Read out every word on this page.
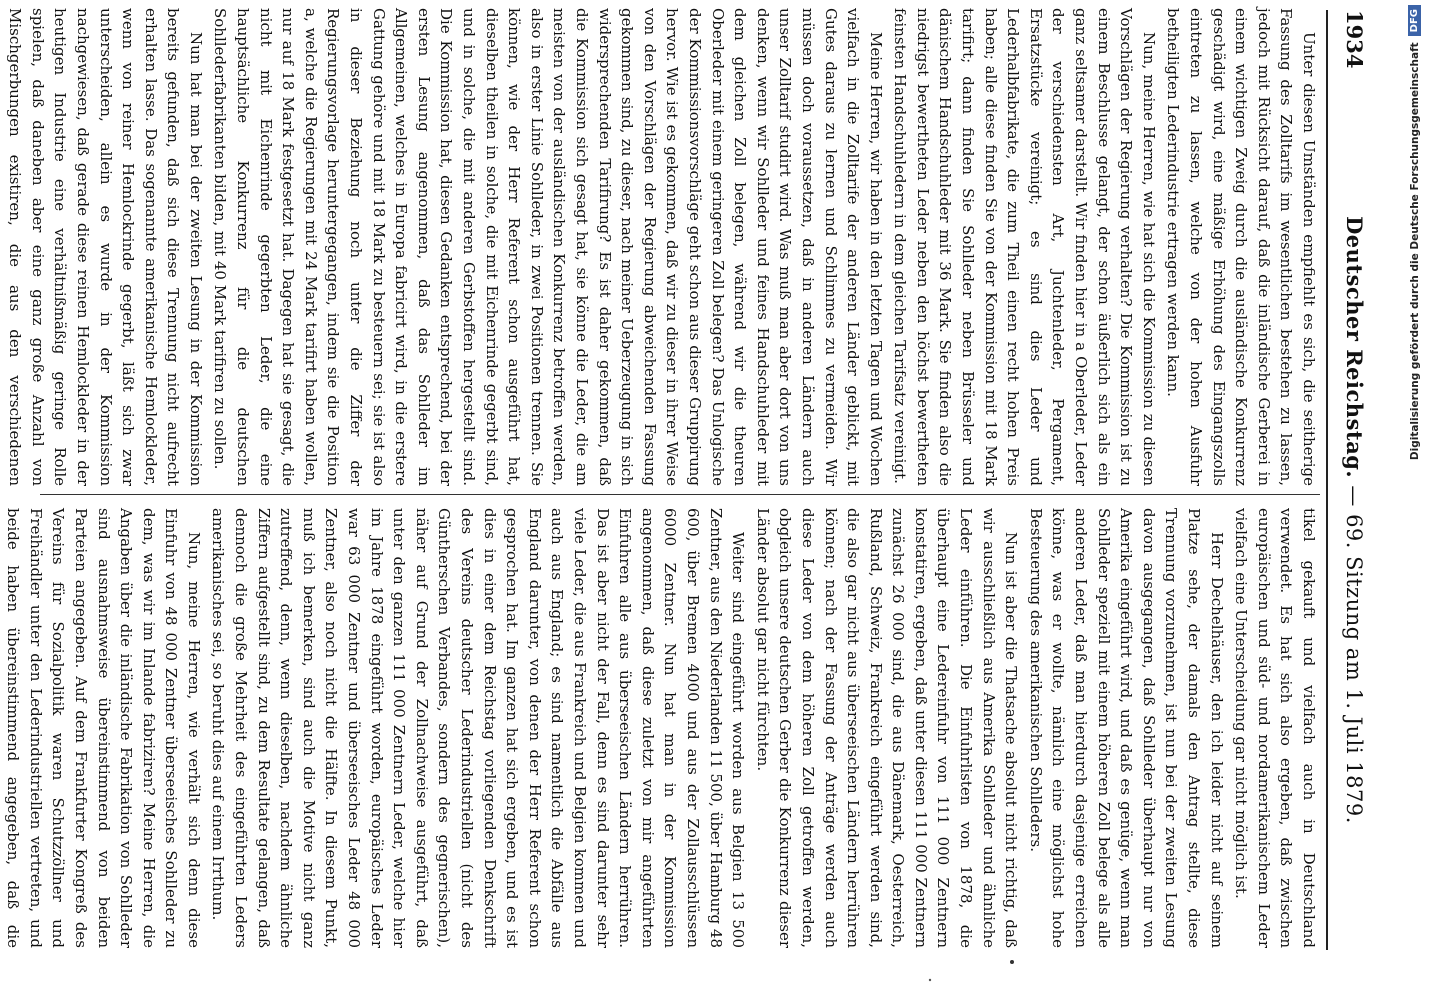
1934
Deutscher Reichstag. — 69. Sitzung am 1. Juli 1879.

Unter diesen Umständen empfiehlt es sich, die seitherige Fassung des Zolltarifs im wesentlichen bestehen zu lassen, jedoch mit Rücksicht darauf, daß die inländische Gerberei in einem wichtigen Zweig durch die ausländische Konkurrenz geschädigt wird, eine mäßige Erhöhung des Eingangszolls eintreten zu lassen, welche von der hohen Ausfuhr betheiligten Lederindustrie ertragen werden kann.

Nun, meine Herren, wie hat sich die Kommission zu diesen Vorschlägen der Regierung verhalten? Die Kommission ist zu einem Beschlusse gelangt, der schon äußerlich sich als ein ganz seltsamer darstellt. Wir finden hier in a Oberleder, Leder der verschiedensten Art, Juchtenleder, Pergament, Ersatzstücke vereinigt; es sind dies Leder und Lederhalbfabrikate, die zum Theil einen recht hohen Preis haben; alle diese finden Sie von der Kommission mit 18 Mark tarifirt; dann finden Sie Sohlleder neben Brüsseler und dänischem Handschuhleder mit 36 Mark. Sie finden also die niedrigst bewertheten Leder neben den höchst bewertheten feinsten Handschuhledern in dem gleichen Tarifsatz vereinigt.

Meine Herren, wir haben in den letzten Tagen und Wochen vielfach in die Zolltarife der anderen Länder geblickt, mit Gutes daraus zu lernen und Schlimmes zu vermeiden. Wir müssen doch voraussetzen, daß in anderen Ländern auch unser Zolltarif studirt wird. Was muß man aber dort von uns denken, wenn wir Sohlleder und feines Handschuhleder mit dem gleichen Zoll belegen, während wir die theuren Oberleder mit einem geringeren Zoll belegen? Das Unlogische der Kommissionsvorschläge geht schon aus dieser Gruppirung hervor. Wie ist es gekommen, daß wir zu dieser in ihrer Weise von den Vorschlägen der Regierung abweichenden Fassung gekommen sind, zu dieser, nach meiner Ueberzeugung in sich widersprechenden Tarifirung? Es ist daher gekommen, daß die Kommission sich gesagt hat, sie könne die Leder, die am meisten von der ausländischen Konkurrenz betroffen werden, also in erster Linie Sohlleder, in zwei Positionen trennen. Sie können, wie der Herr Referent schon ausgeführt hat, dieselben theilen in solche, die mit Eichenrinde gegerbt sind, und in solche, die mit anderen Gerbstoffen hergestellt sind. Die Kommission hat, diesen Gedanken entsprechend, bei der ersten Lesung angenommen, daß das Sohlleder im Allgemeinen, welches in Europa fabricirt wird, in die erstere Gattung gehöre und mit 18 Mark zu besteuern sei; sie ist also in dieser Beziehung noch unter die Ziffer der Regierungsvorlage heruntergegangen, indem sie die Position a, welche die Regierungen mit 24 Mark tarifirt haben wollen, nur auf 18 Mark festgesetzt hat. Dagegen hat sie gesagt, die nicht mit Eichenrinde gegerbten Leder, die eine hauptsächliche Konkurrenz für die deutschen Sohllederfabrikanten bilden, mit 40 Mark tarifiren zu sollen.

Nun hat man bei der zweiten Lesung in der Kommission bereits gefunden, daß sich diese Trennung nicht aufrecht erhalten lasse. Das sogenannte amerikanische Hemlockleder, wenn von reiner Hemlockrinde gegerbt, läßt sich zwar unterscheiden, allein es wurde in der Kommission nachgewiesen, daß gerade diese reinen Hemlockleder in der heutigen Industrie eine verhältnißmäßig geringe Rolle spielen, daß daneben aber eine ganz große Anzahl von Mischgerbungen existiren, die aus den verschiedenen

tikel gekauft und vielfach auch in Deutschland verwendet. Es hat sich also ergeben, daß zwischen europäischen und süd- und nordamerikanischem Leder vielfach eine Unterscheidung gar nicht möglich ist.

Herr Dechelhäuser, den ich leider nicht auf seinem Platze sehe, der damals den Antrag stellte, diese Trennung vorzunehmen, ist nun bei der zweiten Lesung davon ausgegangen, daß Sohlleder überhaupt nur von Amerika eingeführt wird, und daß es genüge, wenn man Sohlleder speziell mit einem höheren Zoll belege als alle anderen Leder, daß man hierdurch dasjenige erreichen könne, was er wollte, nämlich eine möglichst hohe Besteuerung des amerikanischen Sohlleders.

Nun ist aber die Thatsache absolut nicht richtig, daß wir ausschließlich aus Amerika Sohlleder und ähnliche Leder einführen. Die Einfuhrlisten von 1878, die überhaupt eine Ledereinfuhr von 111 000 Zentnern konstatiren, ergeben, daß unter diesen 111 000 Zentnern zunächst 26 000 sind, die aus Dänemark, Oesterreich, Rußland, Schweiz, Frankreich eingeführt werden sind, die also gar nicht aus überseeischen Ländern herrühren können; nach der Fassung der Anträge werden auch diese Leder von dem höheren Zoll getroffen werden, obgleich unsere deutschen Gerber die Konkurrenz dieser Länder absolut gar nicht fürchten.

Weiter sind eingeführt worden aus Belgien 13 500 Zentner, aus den Niederlanden 11 500, über Hamburg 48 600, über Bremen 4000 und aus der Zollausschlüssen 6000 Zentner. Nun hat man in der Kommission angenommen, daß diese zuletzt von mir angeführten Einfuhren alle aus überseeischen Ländern herrühren. Das ist aber nicht der Fall, denn es sind darunter sehr viele Leder, die aus Frankreich und Belgien kommen und auch aus England; es sind namentlich die Abfälle aus England darunter, von denen der Herr Referent schon gesprochen hat. Im ganzen hat sich ergeben, und es ist dies in einer dem Reichstag vorliegenden Denkschrift des Vereins deutscher Lederindustriellen (nicht des Güntherschen Verbandes, sondern des gegnerischen), näher auf Grund der Zollnachweise ausgeführt, daß unter den ganzen 111 000 Zentnern Leder, welche hier im Jahre 1878 eingeführt worden, europäisches Leder war 63 000 Zentner und überseeisches Leder 48 000 Zentner, also noch nicht die Hälfte. In diesem Punkt, muß ich bemerken, sind auch die Motive nicht ganz zutreffend, denn, wenn dieselben, nachdem ähnliche Ziffern aufgestellt sind, zu dem Resultate gelangen, daß dennoch die große Mehrheit des eingeführten Leders amerikanisches sei, so beruht dies auf einem Irrthum.

Nun, meine Herren, wie verhält sich denn diese Einfuhr von 48 000 Zentner überseeisches Sohlleder zu dem, was wir im Inlande fabriziren? Meine Herren, die Angaben über die inländische Fabrikation von Sohlleder sind ausnahmsweise übereinstimmend von beiden Parteien angegeben. Auf dem Frankfurter Kongreß des Vereins für Sozialpolitik waren Schutzzöllner und Freihändler unter den Lederindustriellen vertreten, und beide haben übereinstimmend angegeben, daß die

Digitalisierung gefördert durch die Deutsche Forschungsgemeinschaft
DFG
